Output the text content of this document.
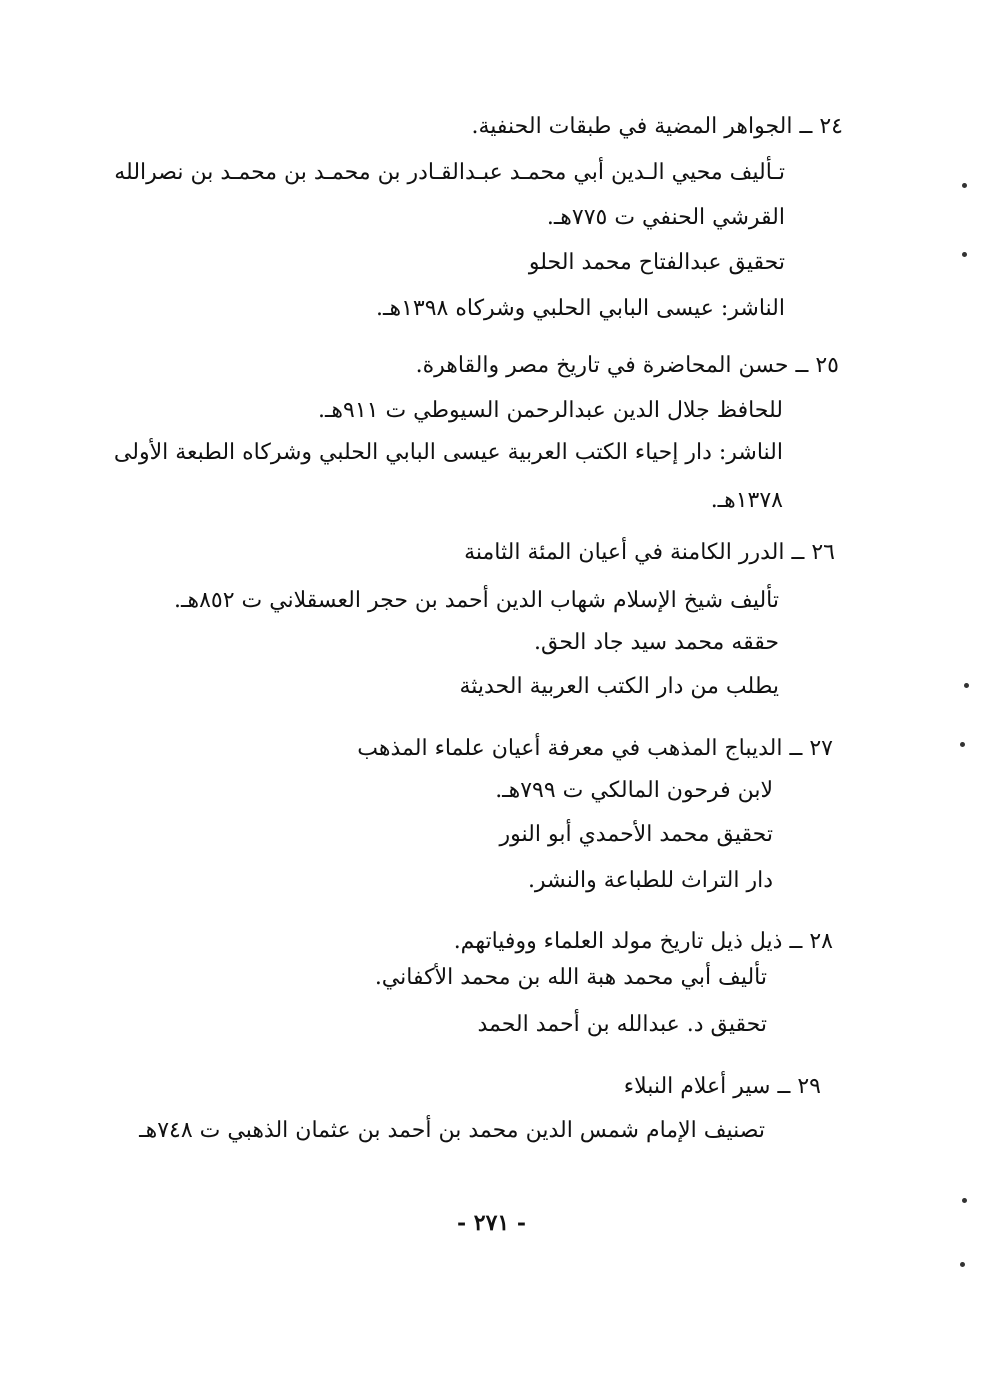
٢٤ ــ الجواهر المضية في طبقات الحنفية.
تـأليف محيي الـدين أبي محمـد عبـدالقـادر بن محمـد بن محمـد بن نصرالله
القرشي الحنفي ت ٧٧٥هـ.
تحقيق عبدالفتاح محمد الحلو
الناشر: عيسى البابي الحلبي وشركاه ١٣٩٨هـ.
٢٥ ــ حسن المحاضرة في تاريخ مصر والقاهرة.
للحافظ جلال الدين عبدالرحمن السيوطي ت ٩١١هـ.
الناشر: دار إحياء الكتب العربية عيسى البابي الحلبي وشركاه الطبعة الأولى
١٣٧٨هـ.
٢٦ ــ الدرر الكامنة في أعيان المئة الثامنة
تأليف شيخ الإسلام شهاب الدين أحمد بن حجر العسقلاني ت ٨٥٢هـ.
حققه محمد سيد جاد الحق.
يطلب من دار الكتب العربية الحديثة
٢٧ ــ الديباج المذهب في معرفة أعيان علماء المذهب
لابن فرحون المالكي ت ٧٩٩هـ.
تحقيق محمد الأحمدي أبو النور
دار التراث للطباعة والنشر.
٢٨ ــ ذيل ذيل تاريخ مولد العلماء ووفياتهم.
تأليف أبي محمد هبة الله بن محمد الأكفاني.
تحقيق د. عبدالله بن أحمد الحمد
٢٩ ــ سير أعلام النبلاء
تصنيف الإمام شمس الدين محمد بن أحمد بن عثمان الذهبي ت ٧٤٨هـ
- ٢٧١ -
